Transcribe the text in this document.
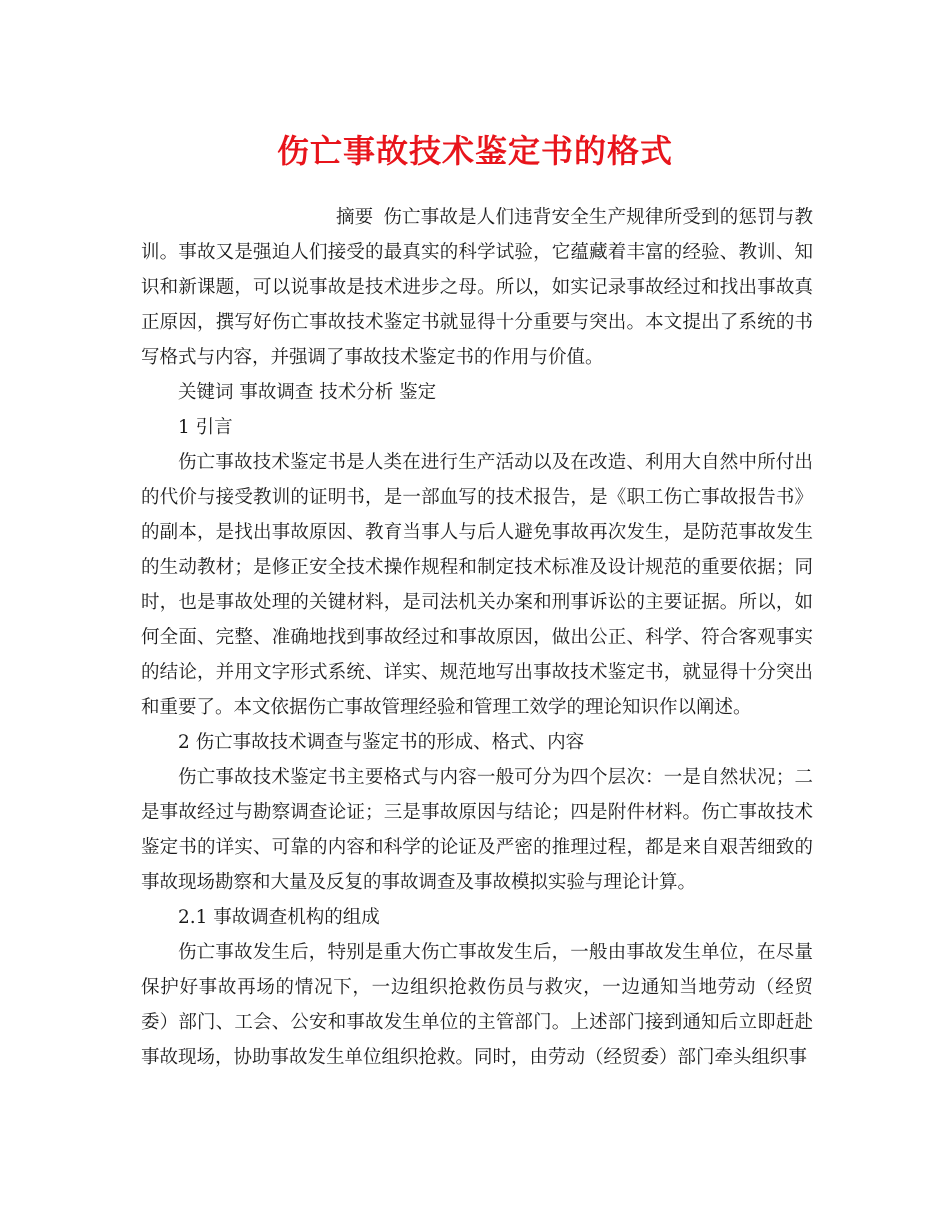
伤亡事故技术鉴定书的格式

摘要 伤亡事故是人们违背安全生产规律所受到的惩罚与教训。事故又是强迫人们接受的最真实的科学试验，它蕴藏着丰富的经验、教训、知识和新课题，可以说事故是技术进步之母。所以，如实记录事故经过和找出事故真正原因，撰写好伤亡事故技术鉴定书就显得十分重要与突出。本文提出了系统的书写格式与内容，并强调了事故技术鉴定书的作用与价值。

关键词 事故调查 技术分析 鉴定

1 引言

伤亡事故技术鉴定书是人类在进行生产活动以及在改造、利用大自然中所付出的代价与接受教训的证明书，是一部血写的技术报告，是《职工伤亡事故报告书》的副本，是找出事故原因、教育当事人与后人避免事故再次发生，是防范事故发生的生动教材；是修正安全技术操作规程和制定技术标准及设计规范的重要依据；同时，也是事故处理的关键材料，是司法机关办案和刑事诉讼的主要证据。所以，如何全面、完整、准确地找到事故经过和事故原因，做出公正、科学、符合客观事实的结论，并用文字形式系统、详实、规范地写出事故技术鉴定书，就显得十分突出和重要了。本文依据伤亡事故管理经验和管理工效学的理论知识作以阐述。

2 伤亡事故技术调查与鉴定书的形成、格式、内容

伤亡事故技术鉴定书主要格式与内容一般可分为四个层次：一是自然状况；二是事故经过与勘察调查论证；三是事故原因与结论；四是附件材料。伤亡事故技术鉴定书的详实、可靠的内容和科学的论证及严密的推理过程，都是来自艰苦细致的事故现场勘察和大量及反复的事故调查及事故模拟实验与理论计算。

2.1 事故调查机构的组成

伤亡事故发生后，特别是重大伤亡事故发生后，一般由事故发生单位，在尽量保护好事故再场的情况下，一边组织抢救伤员与救灾，一边通知当地劳动（经贸委）部门、工会、公安和事故发生单位的主管部门。上述部门接到通知后立即赶赴事故现场，协助事故发生单位组织抢救。同时，由劳动（经贸委）部门牵头组织事
